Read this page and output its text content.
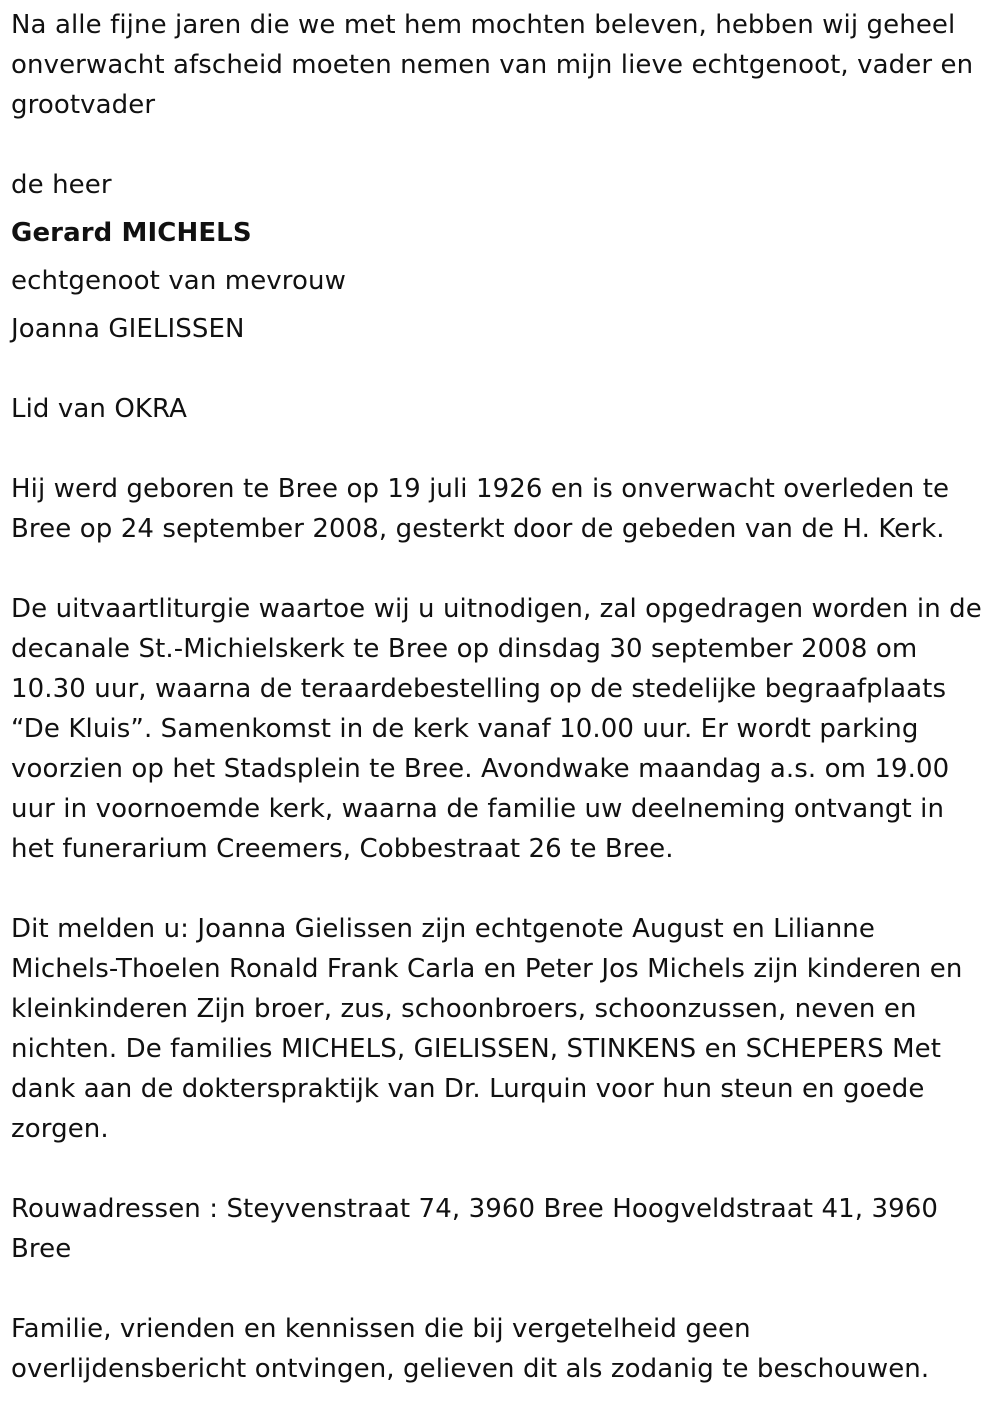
Na alle fijne jaren die we met hem mochten beleven, hebben wij geheel onverwacht afscheid moeten nemen van mijn lieve echtgenoot, vader en grootvader

de heer

Gerard MICHELS

echtgenoot van mevrouw

Joanna GIELISSEN

Lid van OKRA

Hij werd geboren te Bree op 19 juli 1926 en is onverwacht overleden te Bree op 24 september 2008, gesterkt door de gebeden van de H. Kerk.

De uitvaartliturgie waartoe wij u uitnodigen, zal opgedragen worden in de decanale St.-Michielskerk te Bree op dinsdag 30 september 2008 om 10.30 uur, waarna de teraardebestelling op de stedelijke begraafplaats “De Kluis”. Samenkomst in de kerk vanaf 10.00 uur. Er wordt parking voorzien op het Stadsplein te Bree. Avondwake maandag a.s. om 19.00 uur in voornoemde kerk, waarna de familie uw deelneming ontvangt in het funerarium Creemers, Cobbestraat 26 te Bree.

Dit melden u: Joanna Gielissen zijn echtgenote August en Lilianne Michels-Thoelen Ronald Frank Carla en Peter Jos Michels zijn kinderen en kleinkinderen Zijn broer, zus, schoonbroers, schoonzussen, neven en nichten. De families MICHELS, GIELISSEN, STINKENS en SCHEPERS Met dank aan de dokterspraktijk van Dr. Lurquin voor hun steun en goede zorgen.

Rouwadressen : Steyvenstraat 74, 3960 Bree Hoogveldstraat 41, 3960 Bree

Familie, vrienden en kennissen die bij vergetelheid geen overlijdensbericht ontvingen, gelieven dit als zodanig te beschouwen.
